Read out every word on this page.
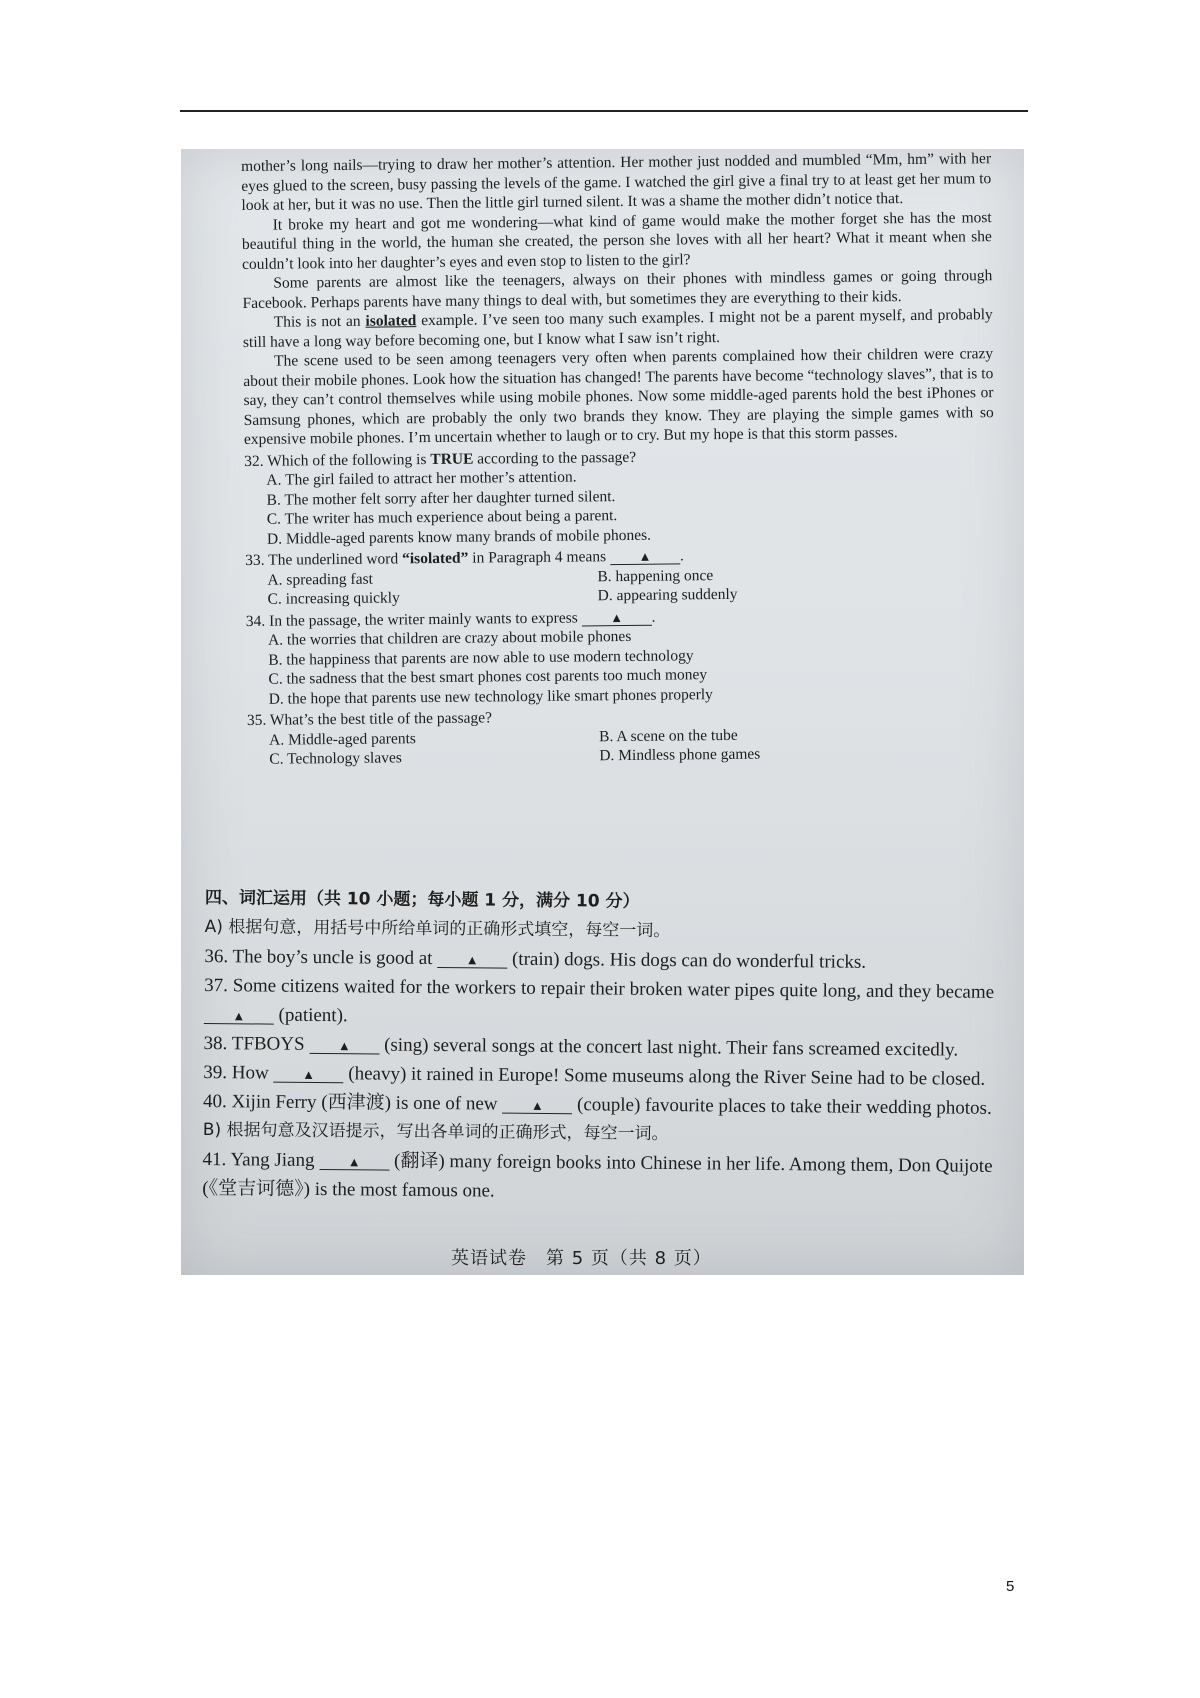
mother’s long nails—trying to draw her mother’s attention. Her mother just nodded and mumbled “Mm, hm” with her eyes glued to the screen, busy passing the levels of the game. I watched the girl give a final try to at least get her mum to look at her, but it was no use. Then the little girl turned silent. It was a shame the mother didn’t notice that.

It broke my heart and got me wondering—what kind of game would make the mother forget she has the most beautiful thing in the world, the human she created, the person she loves with all her heart? What it meant when she couldn’t look into her daughter’s eyes and even stop to listen to the girl?

Some parents are almost like the teenagers, always on their phones with mindless games or going through Facebook. Perhaps parents have many things to deal with, but sometimes they are everything to their kids.

This is not an isolated example. I’ve seen too many such examples. I might not be a parent myself, and probably still have a long way before becoming one, but I know what I saw isn’t right.

The scene used to be seen among teenagers very often when parents complained how their children were crazy about their mobile phones. Look how the situation has changed! The parents have become “technology slaves”, that is to say, they can’t control themselves while using mobile phones. Now some middle-aged parents hold the best iPhones or Samsung phones, which are probably the only two brands they know. They are playing the simple games with so expensive mobile phones. I’m uncertain whether to laugh or to cry. But my hope is that this storm passes.

32. Which of the following is TRUE according to the passage?
A. The girl failed to attract her mother’s attention.
B. The mother felt sorry after her daughter turned silent.
C. The writer has much experience about being a parent.
D. Middle-aged parents know many brands of mobile phones.
33. The underlined word “isolated” in Paragraph 4 means ▲ .
A. spreading fast	B. happening once
C. increasing quickly	D. appearing suddenly
34. In the passage, the writer mainly wants to express ▲ .
A. the worries that children are crazy about mobile phones
B. the happiness that parents are now able to use modern technology
C. the sadness that the best smart phones cost parents too much money
D. the hope that parents use new technology like smart phones properly
35. What’s the best title of the passage?
A. Middle-aged parents	B. A scene on the tube
C. Technology slaves	D. Mindless phone games
四、词汇运用（共 10 小题；每小题 1 分，满分 10 分）
A) 根据句意，用括号中所给单词的正确形式填空，每空一词。
36. The boy’s uncle is good at	▲ (train) dogs. His dogs can do wonderful tricks.
37. Some citizens waited for the workers to repair their broken water pipes quite long, and they became ▲ (patient).
38. TFBOYS	▲ (sing) several songs at the concert last night. Their fans screamed excitedly.
39. How	▲ (heavy) it rained in Europe! Some museums along the River Seine had to be closed.
40. Xijin Ferry (西津渡) is one of new	▲ (couple) favourite places to take their wedding photos.
B) 根据句意及汉语提示，写出各单词的正确形式，每空一词。
41. Yang Jiang	▲ (翻译) many foreign books into Chinese in her life. Among them, Don Quijote (《堂吉诃德》) is the most famous one.
英语试卷　第 5 页（共 8 页）
5
